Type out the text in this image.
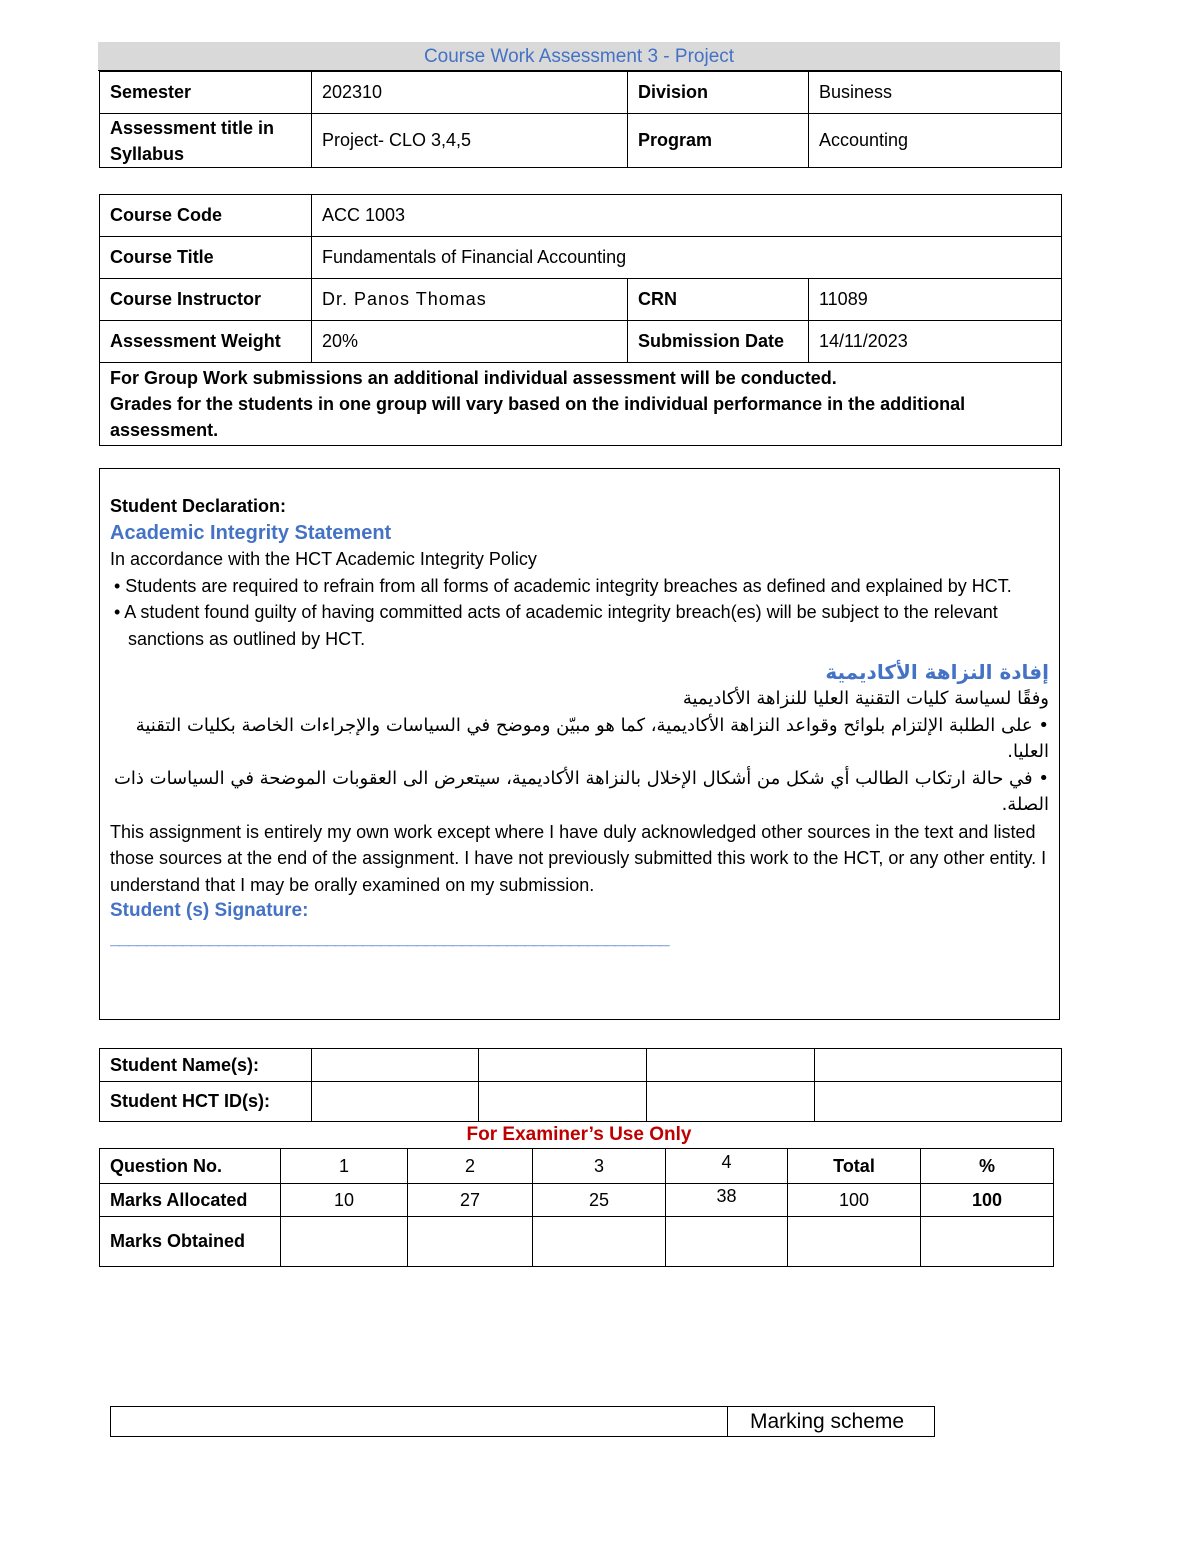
Course Work Assessment 3 - Project
Semester	202310	Division	Business
Assessment title in Syllabus	Project- CLO 3,4,5	Program	Accounting
Course Code	ACC 1003		
Course Title	Fundamentals of Financial Accounting		
Course Instructor	Dr. Panos Thomas	CRN	11089
Assessment Weight	20%	Submission Date	14/11/2023

For Group Work submissions an additional individual assessment will be conducted.
Grades for the students in one group will vary based on the individual performance in the additional assessment.			
Student Declaration:
Academic Integrity Statement
In accordance with the HCT Academic Integrity Policy
• Students are required to refrain from all forms of academic integrity breaches as defined and explained by HCT.
• A student found guilty of having committed acts of academic integrity breach(es) will be subject to the relevant sanctions as outlined by HCT.
إفادة النزاهة الأكاديمية
وفقًا لسياسة كليات التقنية العليا للنزاهة الأكاديمية
• على الطلبة الإلتزام بلوائح وقواعد النزاهة الأكاديمية، كما هو مبيّن وموضح في السياسات والإجراءات الخاصة بكليات التقنية العليا.
• في حالة ارتكاب الطالب أي شكل من أشكال الإخلال بالنزاهة الأكاديمية، سيتعرض الى العقوبات الموضحة في السياسات ذات الصلة.
This assignment is entirely my own work except where I have duly acknowledged other sources in the text and listed those sources at the end of the assignment. I have not previously submitted this work to the HCT, or any other entity. I understand that I may be orally examined on my submission.
Student (s) Signature:
______________________________________________________________
Student Name(s):				
Student HCT ID(s):				
For Examiner’s Use Only
Question No.	1	2	3	4	Total	%
Marks Allocated	10	27	25	38	100	100
Marks Obtained						
	Marking scheme
